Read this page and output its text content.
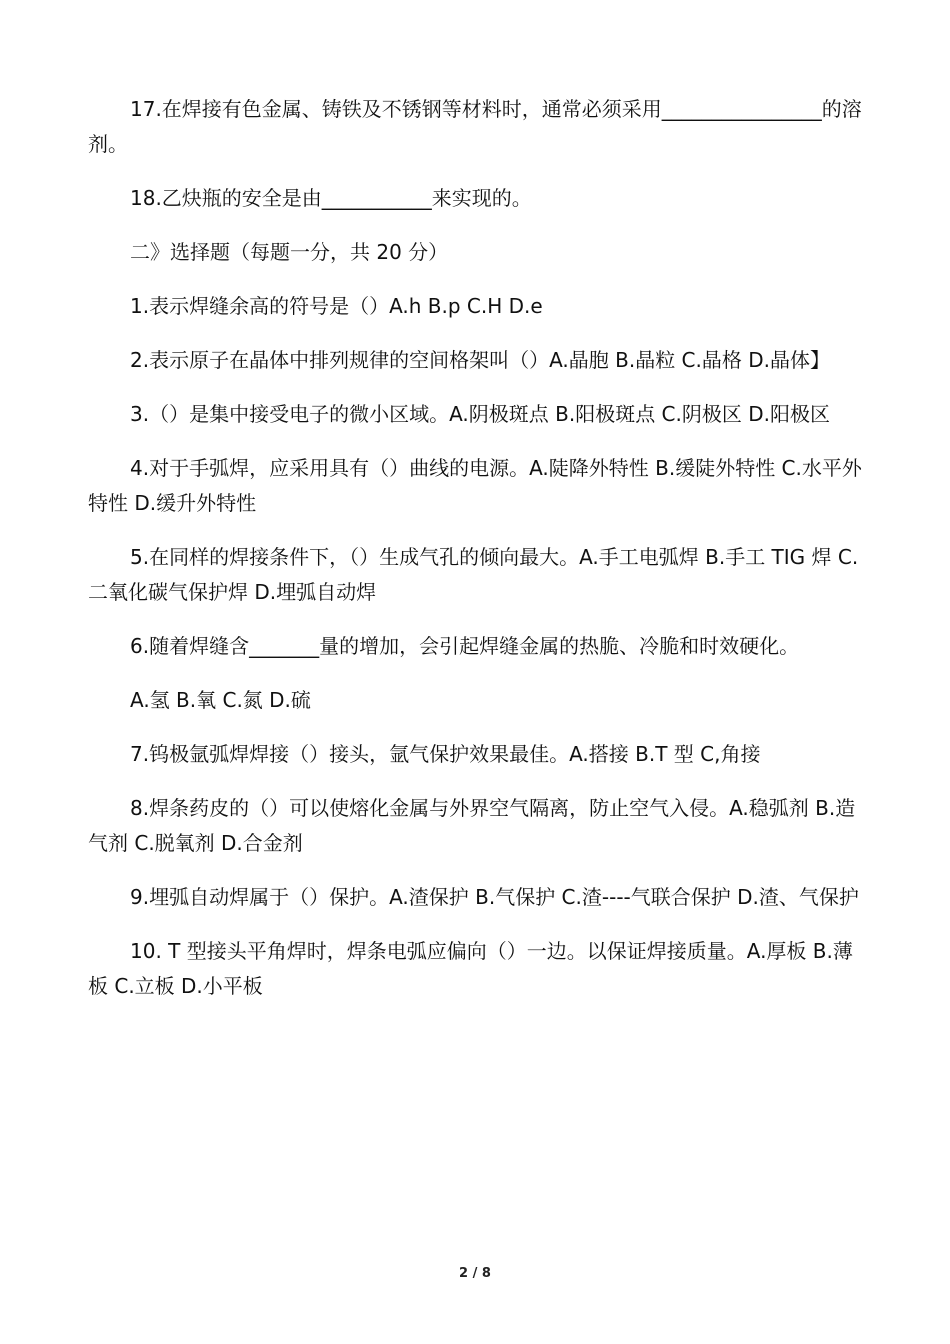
17.在焊接有色金属、铸铁及不锈钢等材料时，通常必须采用________________的溶剂。

18.乙炔瓶的安全是由___________来实现的。

二》选择题（每题一分，共 20 分）

1.表示焊缝余高的符号是（）A.h B.p C.H D.e

2.表示原子在晶体中排列规律的空间格架叫（）A.晶胞 B.晶粒 C.晶格 D.晶体】

3.（）是集中接受电子的微小区域。A.阴极斑点 B.阳极斑点 C.阴极区 D.阳极区

4.对于手弧焊，应采用具有（）曲线的电源。A.陡降外特性 B.缓陡外特性 C.水平外特性 D.缓升外特性

5.在同样的焊接条件下，（）生成气孔的倾向最大。A.手工电弧焊 B.手工 TIG 焊 C.二氧化碳气保护焊 D.埋弧自动焊

6.随着焊缝含_______量的增加，会引起焊缝金属的热脆、冷脆和时效硬化。

A.氢 B.氧 C.氮 D.硫

7.钨极氩弧焊焊接（）接头，氩气保护效果最佳。A.搭接 B.T 型 C,角接

8.焊条药皮的（）可以使熔化金属与外界空气隔离，防止空气入侵。A.稳弧剂 B.造气剂 C.脱氧剂 D.合金剂

9.埋弧自动焊属于（）保护。A.渣保护 B.气保护 C.渣----气联合保护 D.渣、气保护

10. T 型接头平角焊时，焊条电弧应偏向（）一边。以保证焊接质量。A.厚板 B.薄板 C.立板 D.小平板

2 / 8
